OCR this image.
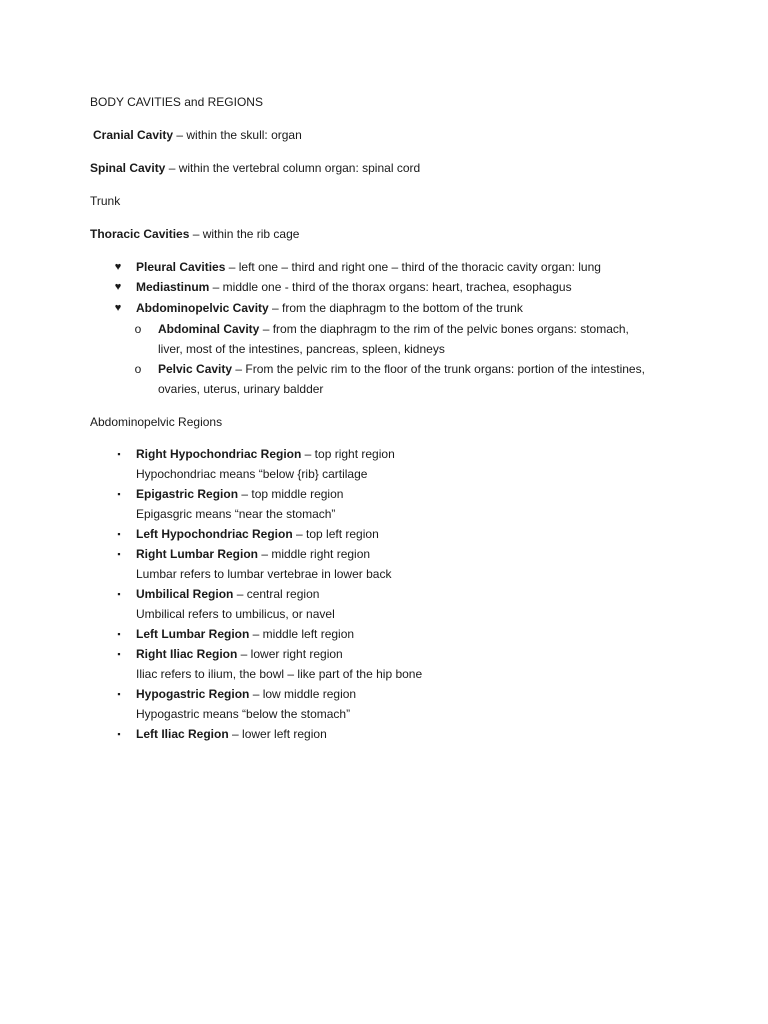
BODY CAVITIES and REGIONS
Cranial Cavity – within the skull: organ
Spinal Cavity – within the vertebral column organ: spinal cord
Trunk
Thoracic Cavities – within the rib cage
♥	Pleural Cavities – left one – third and right one – third of the thoracic cavity organ: lung
♥	Mediastinum – middle one - third of the thorax organs: heart, trachea, esophagus
♥	Abdominopelvic Cavity – from the diaphragm to the bottom of the trunk
o	Abdominal Cavity – from the diaphragm to the rim of the pelvic bones organs: stomach,
liver, most of the intestines, pancreas, spleen, kidneys
o	Pelvic Cavity – From the pelvic rim to the floor of the trunk organs: portion of the intestines,
ovaries, uterus, urinary baldder
Abdominopelvic Regions
▪	Right Hypochondriac Region – top right region
Hypochondriac means “below {rib} cartilage
▪	Epigastric Region – top middle region
Epigasgric means “near the stomach”
▪	Left Hypochondriac Region – top left region
▪	Right Lumbar Region – middle right region
Lumbar refers to lumbar vertebrae in lower back
▪	Umbilical Region – central region
Umbilical refers to umbilicus, or navel
▪	Left Lumbar Region – middle left region
▪	Right Iliac Region – lower right region
Iliac refers to ilium, the bowl – like part of the hip bone
▪	Hypogastric Region – low middle region
Hypogastric means “below the stomach”
▪	Left Iliac Region – lower left region
